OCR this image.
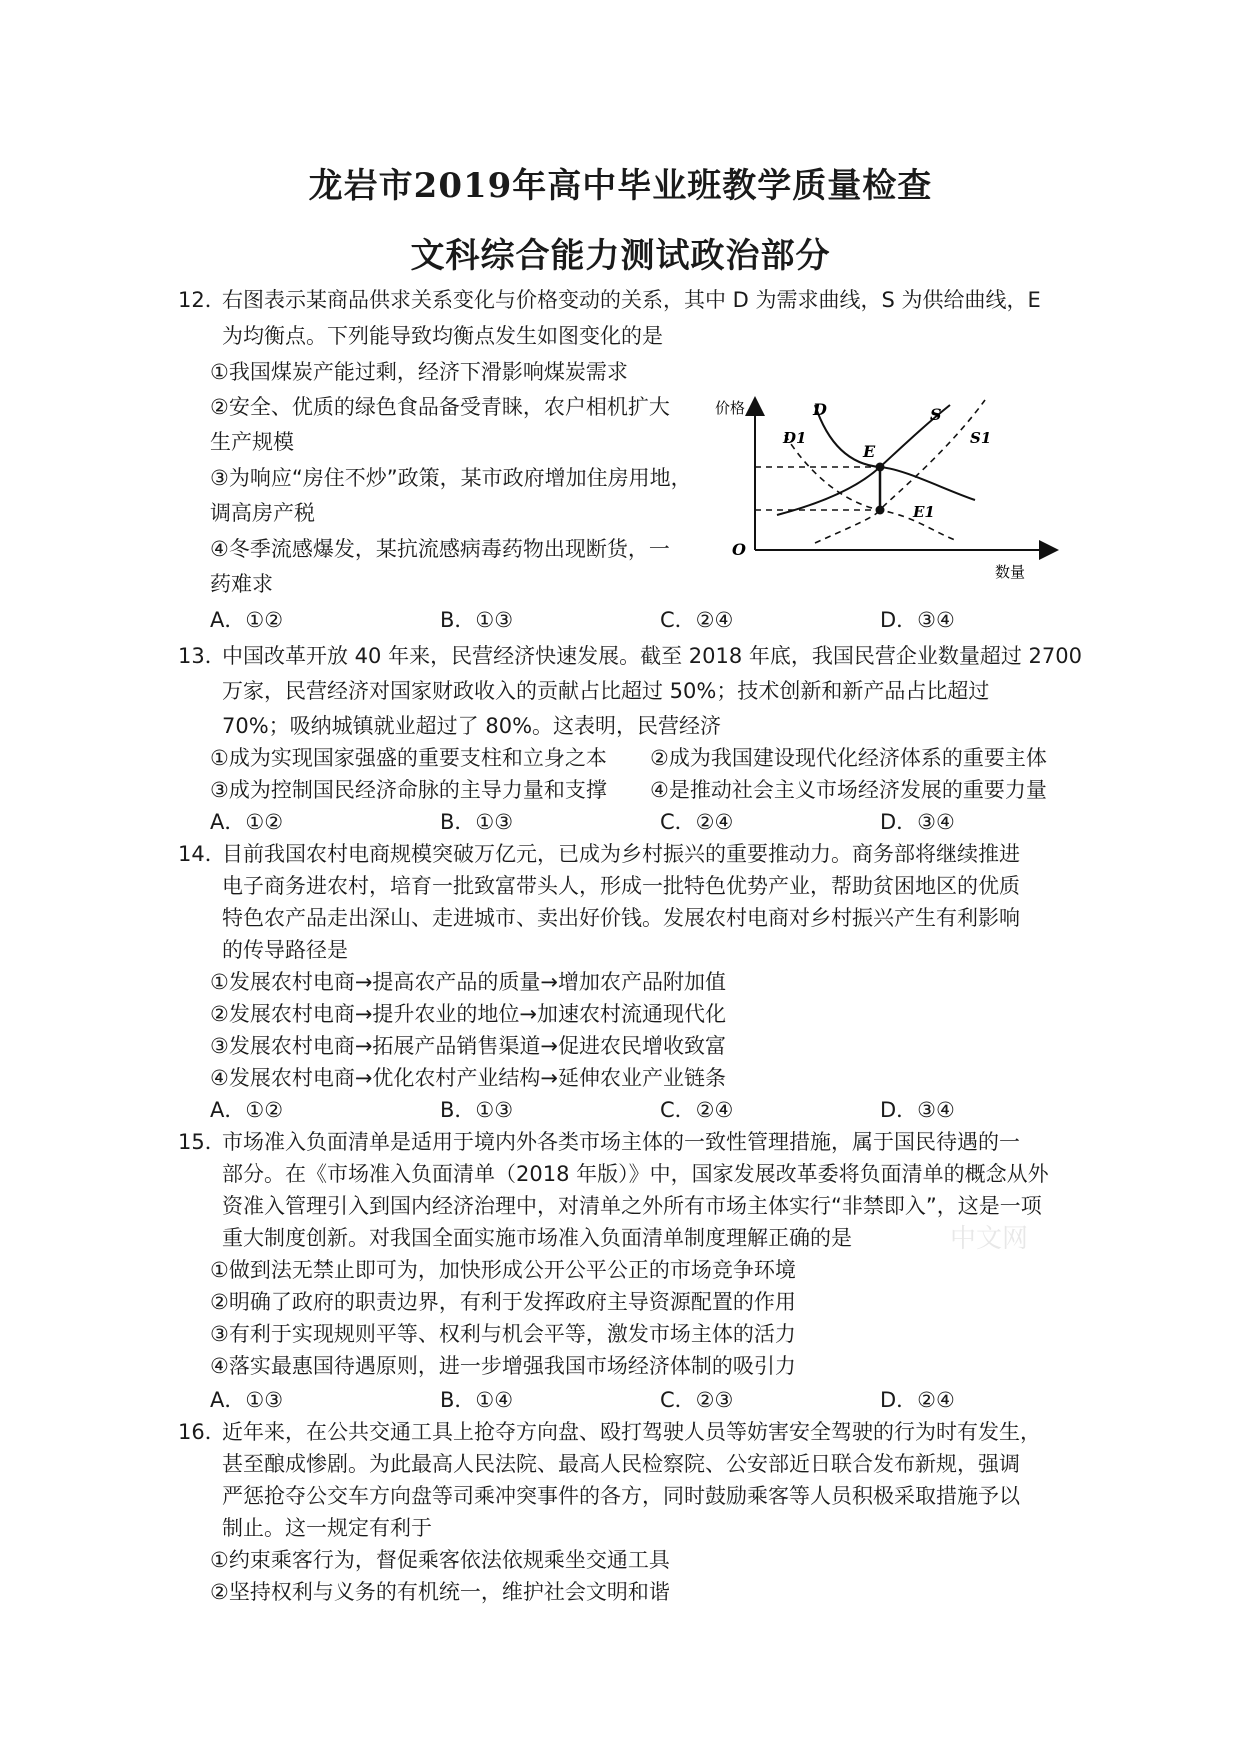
龙岩市2019年高中毕业班教学质量检查
文科综合能力测试政治部分
12．
右图表示某商品供求关系变化与价格变动的关系，其中 D 为需求曲线，S 为供给曲线，E
为均衡点。下列能导致均衡点发生如图变化的是
①我国煤炭产能过剩，经济下滑影响煤炭需求
②安全、优质的绿色食品备受青睐，农户相机扩大
生产规模
③为响应“房住不炒”政策，某市政府增加住房用地，
调高房产税
④冬季流感爆发，某抗流感病毒药物出现断货，一
药难求
A．①②	B．①③	C．②④	D．③④
价格
数量
O
D
D1
S
S1
E
E1
13．
中国改革开放 40 年来，民营经济快速发展。截至 2018 年底，我国民营企业数量超过 2700
万家，民营经济对国家财政收入的贡献占比超过 50%；技术创新和新产品占比超过
70%；吸纳城镇就业超过了 80%。这表明，民营经济
①成为实现国家强盛的重要支柱和立身之本 ②成为我国建设现代化经济体系的重要主体
③成为控制国民经济命脉的主导力量和支撑 ④是推动社会主义市场经济发展的重要力量
A．①②	B．①③	C．②④	D．③④
14．
目前我国农村电商规模突破万亿元，已成为乡村振兴的重要推动力。商务部将继续推进
电子商务进农村，培育一批致富带头人，形成一批特色优势产业，帮助贫困地区的优质
特色农产品走出深山、走进城市、卖出好价钱。发展农村电商对乡村振兴产生有利影响
的传导路径是
①发展农村电商→提高农产品的质量→增加农产品附加值
②发展农村电商→提升农业的地位→加速农村流通现代化
③发展农村电商→拓展产品销售渠道→促进农民增收致富
④发展农村电商→优化农村产业结构→延伸农业产业链条
A．①②	B．①③	C．②④	D．③④
15．
市场准入负面清单是适用于境内外各类市场主体的一致性管理措施，属于国民待遇的一
部分。在《市场准入负面清单（2018 年版）》中，国家发展改革委将负面清单的概念从外
资准入管理引入到国内经济治理中，对清单之外所有市场主体实行“非禁即入”，这是一项
重大制度创新。对我国全面实施市场准入负面清单制度理解正确的是
①做到法无禁止即可为，加快形成公开公平公正的市场竞争环境
②明确了政府的职责边界，有利于发挥政府主导资源配置的作用
③有利于实现规则平等、权利与机会平等，激发市场主体的活力
④落实最惠国待遇原则，进一步增强我国市场经济体制的吸引力
A．①③	B．①④	C．②③	D．②④
16．
近年来，在公共交通工具上抢夺方向盘、殴打驾驶人员等妨害安全驾驶的行为时有发生，
甚至酿成惨剧。为此最高人民法院、最高人民检察院、公安部近日联合发布新规，强调
严惩抢夺公交车方向盘等司乘冲突事件的各方，同时鼓励乘客等人员积极采取措施予以
制止。这一规定有利于
①约束乘客行为，督促乘客依法依规乘坐交通工具
②坚持权利与义务的有机统一，维护社会文明和谐
中文网
